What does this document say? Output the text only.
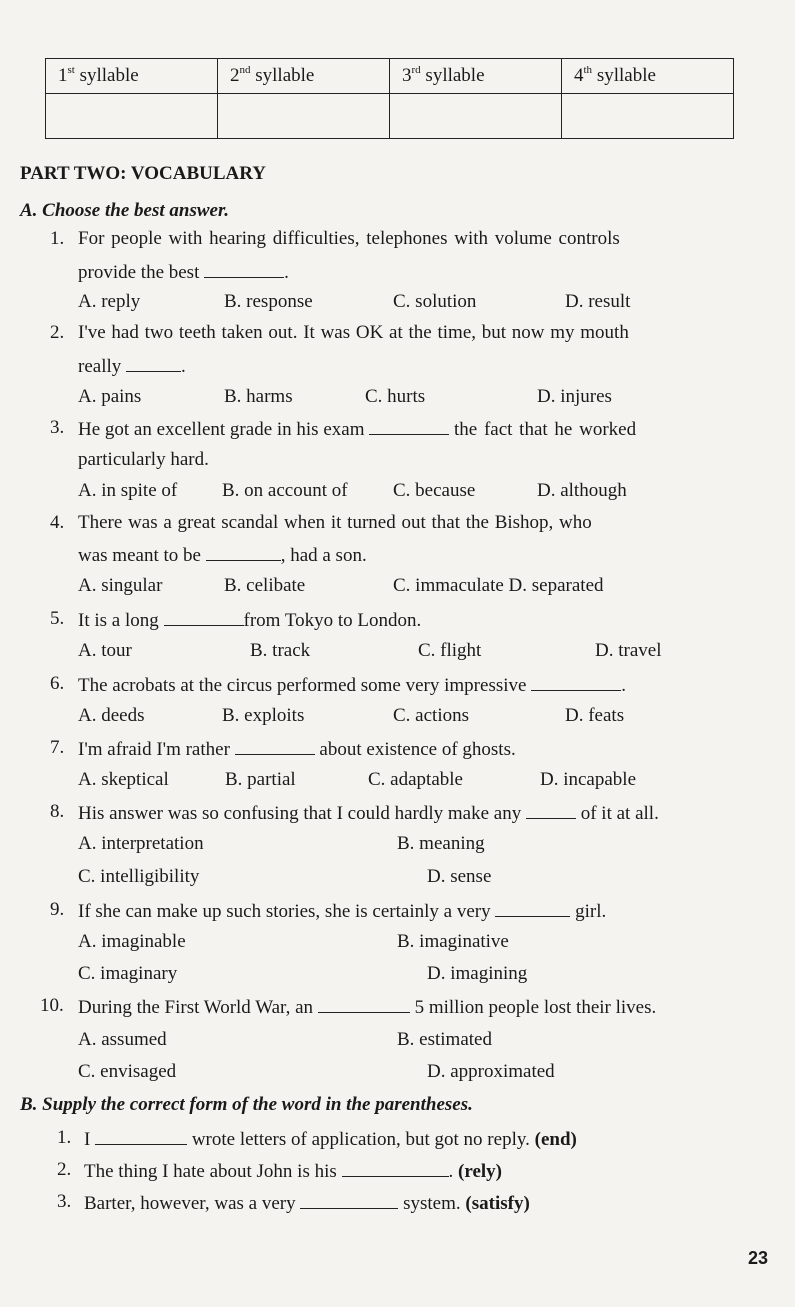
1st syllable	2nd syllable	3rd syllable	4th syllable

PART TWO: VOCABULARY
A. Choose the best answer.
1. For people with hearing difficulties, telephones with volume controls
provide the best	.
A. reply	B. response	C. solution	D. result
2. I've had two teeth taken out. It was OK at the time, but now my mouth
really	.
A. pains	B. harms	C. hurts	D. injures
3. He got an excellent grade in his exam	the fact that he worked
particularly hard.
A. in spite of B. on account of C. because	D. although
4. There was a great scandal when it turned out that the Bishop, who
was meant to be	, had a son.
A. singular	B. celibate	C. immaculate D. separated
5. It is a long	from Tokyo to London.
A. tour	B. track	C. flight	D. travel
6. The acrobats at the circus performed some very impressive	.
A. deeds	B. exploits	C. actions	D. feats
7. I'm afraid I'm rather	about existence of ghosts.
A. skeptical	B. partial	C. adaptable	D. incapable
8. His answer was so confusing that I could hardly make any	of it at all.
A. interpretation	B. meaning
C. intelligibility	D. sense
9. If she can make up such stories, she is certainly a very	girl.
A. imaginable	B. imaginative
C. imaginary	D. imagining
10. During the First World War, an	5 million people lost their lives.
A. assumed	B. estimated
C. envisaged	D. approximated
B. Supply the correct form of the word in the parentheses.
1. I	wrote letters of application, but got no reply. (end)
2. The thing I hate about John is his	. (rely)
3. Barter, however, was a very	system. (satisfy)
23
